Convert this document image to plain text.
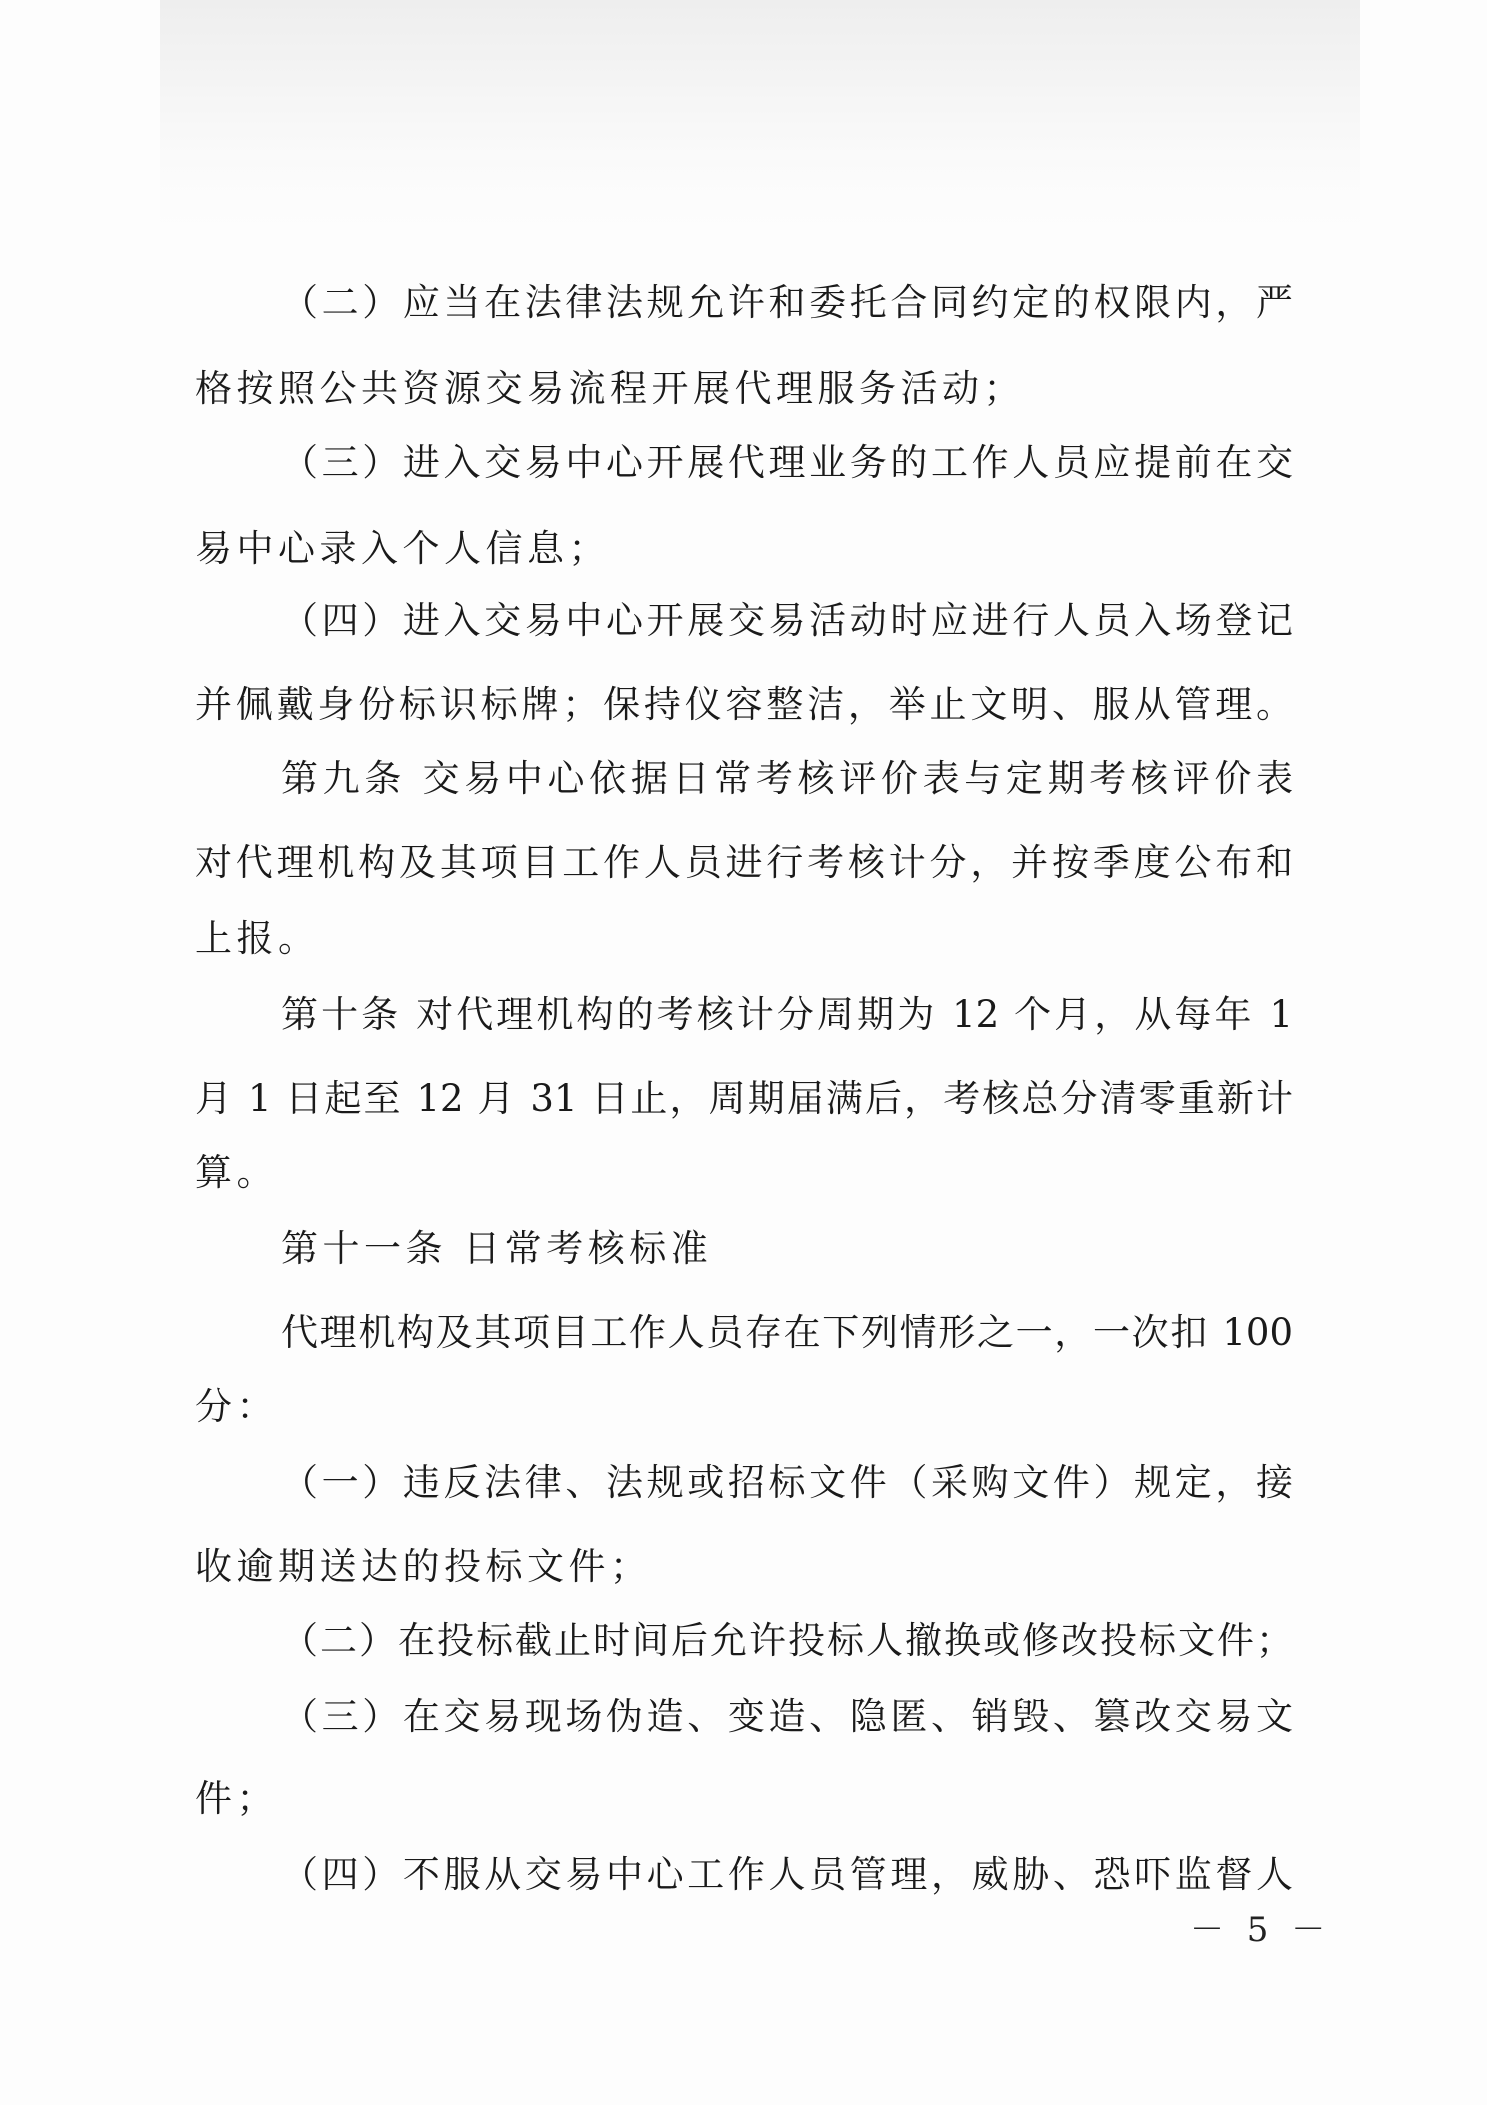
（二）应当在法律法规允许和委托合同约定的权限内，严
格按照公共资源交易流程开展代理服务活动；
（三）进入交易中心开展代理业务的工作人员应提前在交
易中心录入个人信息；
（四）进入交易中心开展交易活动时应进行人员入场登记
并佩戴身份标识标牌；保持仪容整洁，举止文明、服从管理。
第九条 交易中心依据日常考核评价表与定期考核评价表
对代理机构及其项目工作人员进行考核计分，并按季度公布和
上报。
第十条 对代理机构的考核计分周期为 12 个月，从每年 1
月 1 日起至 12 月 31 日止，周期届满后，考核总分清零重新计
算。
第十一条 日常考核标准
代理机构及其项目工作人员存在下列情形之一，一次扣 100
分：
（一）违反法律、法规或招标文件（采购文件）规定，接
收逾期送达的投标文件；
（二）在投标截止时间后允许投标人撤换或修改投标文件；
（三）在交易现场伪造、变造、隐匿、销毁、篡改交易文
件；
（四）不服从交易中心工作人员管理，威胁、恐吓监督人
－ 5 －
